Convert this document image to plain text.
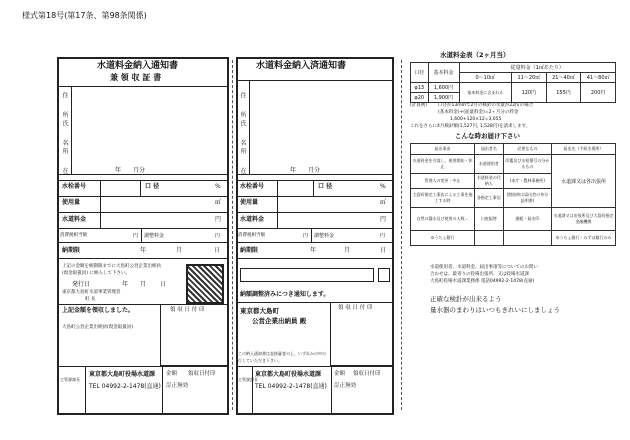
様式第18号(第17条、第98条関係)
水道料金納入通知書
兼 領 収 証 書
住 所
氏 名
所 在	年　　月分
水栓番号	口 径	%
使用量	㎥
水道料金	円
消費税相当額	円 調整料金	円
納期限	年	月	日
上記の金額を納期限までに大島町公営企業出納員
(現金取扱員) に納入して下さい。
発行日	年 月 日
東京都大島町水道事業管理者
町 長
上記金額を領収しました。
大島町公営企業出納員(現金取扱員)
領 収 日 付 印
主管課課長
東京都大島町役場水道課
TEL 04992-2-1478(直通)
金額 領収日付印
訂正無効
水道料金納入済通知書
住 所
氏 名
所 在	年　　月分
水栓番号	口 径	%
使用量	㎥
水道料金	円
消費税相当額	円 調整料金	円
納期限	年	月	日
納額調整済みにつき通知します。
東京都大島町
公営企業出納員 殿
領 収 日 付 印
この納入通知書は直接審査の上、いずれかの中の
行していただき下さい。
主管課課長
東京都大島町役場水道課
TEL 04992-2-1478(直通)
金額 領収日付印
訂正無効
水道料金表（2ヶ月当）
口径	基本料金	従量料金（1㎥あたり）			
		0〜10㎥	11〜20㎥	21〜40㎥	41〜80㎥
φ13	1,600円	基本料金に含まれる	120円	155円	200円
φ20	1,900円				
(計算例) 口径が13mmで2月の検針の水量が22㎥の場合
(基本料金)+(従量料金)=2ヶ月分の料金
1,600+120×12=3,055
これをさらに4月検針額(1,527円, 1,528円)を請求します。
こんな時お届け下さい
届出事由	届出者名	必要なもの	届出先（手続き場所）
水道料金を引落し、使用開始・休止	水道使用者	印鑑及び水栓番号の分かるもの	水道課又は各出張所
管理人の変更・中止	水道料金の代納人	(本庁・農林事務所)	
大島町指定工事店による工事を施工する時	各指定工事店	(開始時は届出者の身分証明書)	
自然の漏水及び使用の人数…	口座振替	通帳・届出印	水道課又は出張所及び大島町指定金融機関
ゆうちょ銀行			ゆうちょ銀行・みずほ銀行のみ
水道使用者、水道料金、届出事項等についてのお問い
合わせは、最寄りの役場出張所、又は役場水道課
大島町役場水道課業務係 電話04992-2-1478(直通)
正確な検針が出来るよう
量水器のまわりはいつもきれいにしましょう
